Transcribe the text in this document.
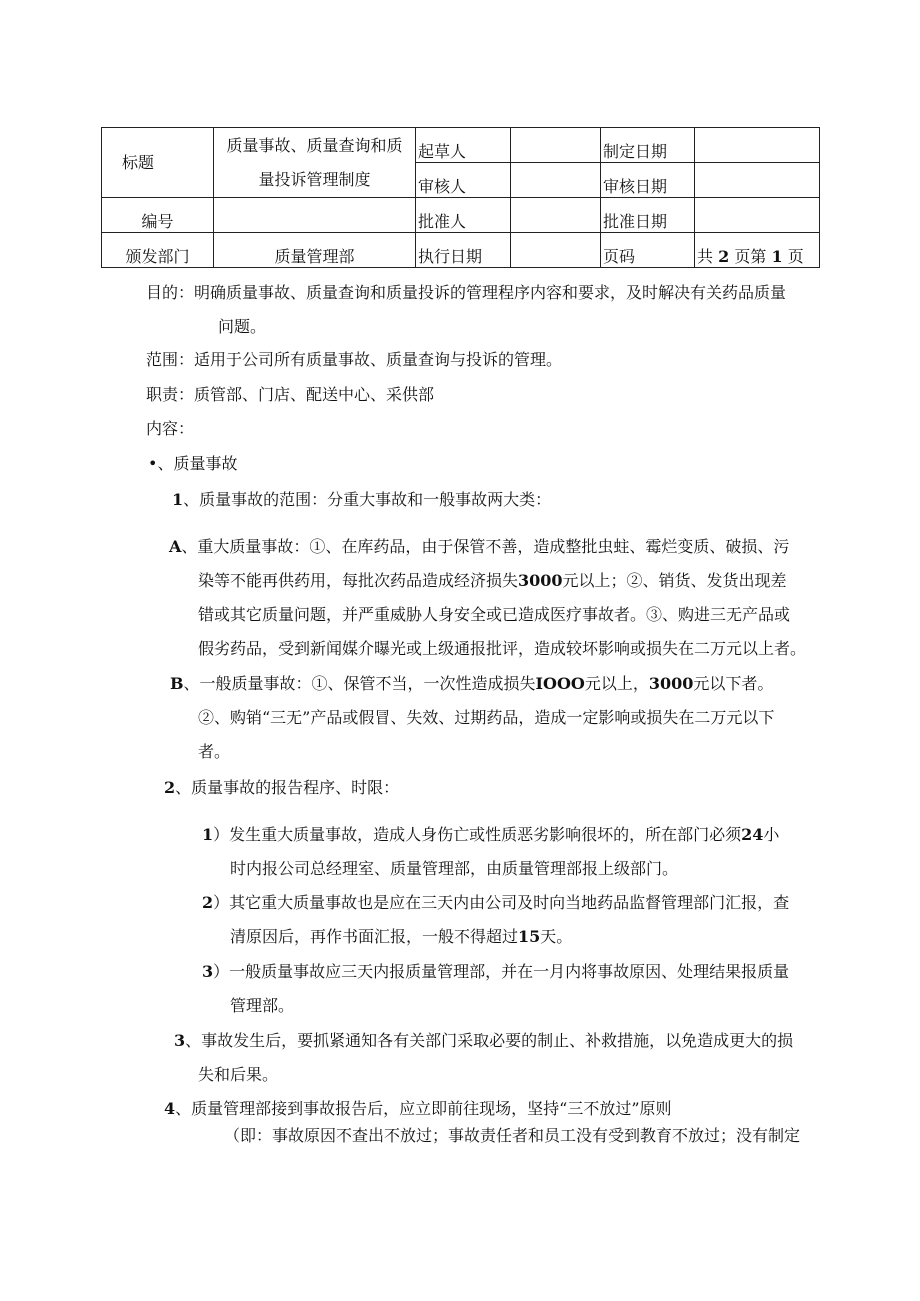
标题	质量事故、质量查询和质
量投诉管理制度	起草人		制定日期	
		审核人		审核日期	
编号		批准人		批准日期	
颁发部门	质量管理部	执行日期		页码	共 2 页第 1 页
目的：明确质量事故、质量查询和质量投诉的管理程序内容和要求，及时解决有关药品质量
问题。
范围：适用于公司所有质量事故、质量查询与投诉的管理。
职责：质管部、门店、配送中心、采供部
内容：
•、质量事故
1、质量事故的范围：分重大事故和一般事故两大类：
A、重大质量事故：①、在库药品，由于保管不善，造成整批虫蛀、霉烂变质、破损、污
染等不能再供药用，每批次药品造成经济损失3000元以上；②、销货、发货出现差
错或其它质量问题，并严重威胁人身安全或已造成医疗事故者。③、购进三无产品或
假劣药品，受到新闻媒介曝光或上级通报批评，造成较坏影响或损失在二万元以上者。
B、一般质量事故：①、保管不当，一次性造成损失IOOO元以上，3000元以下者。
②、购销“三无”产品或假冒、失效、过期药品，造成一定影响或损失在二万元以下
者。
2、质量事故的报告程序、时限：
1）发生重大质量事故，造成人身伤亡或性质恶劣影响很坏的，所在部门必须24小
时内报公司总经理室、质量管理部，由质量管理部报上级部门。
2）其它重大质量事故也是应在三天内由公司及时向当地药品监督管理部门汇报，查
清原因后，再作书面汇报，一般不得超过15天。
3）一般质量事故应三天内报质量管理部，并在一月内将事故原因、处理结果报质量
管理部。
3、事故发生后，要抓紧通知各有关部门采取必要的制止、补救措施，以免造成更大的损
失和后果。
4、质量管理部接到事故报告后，应立即前往现场，坚持“三不放过”原则
（即：事故原因不查出不放过；事故责任者和员工没有受到教育不放过；没有制定
